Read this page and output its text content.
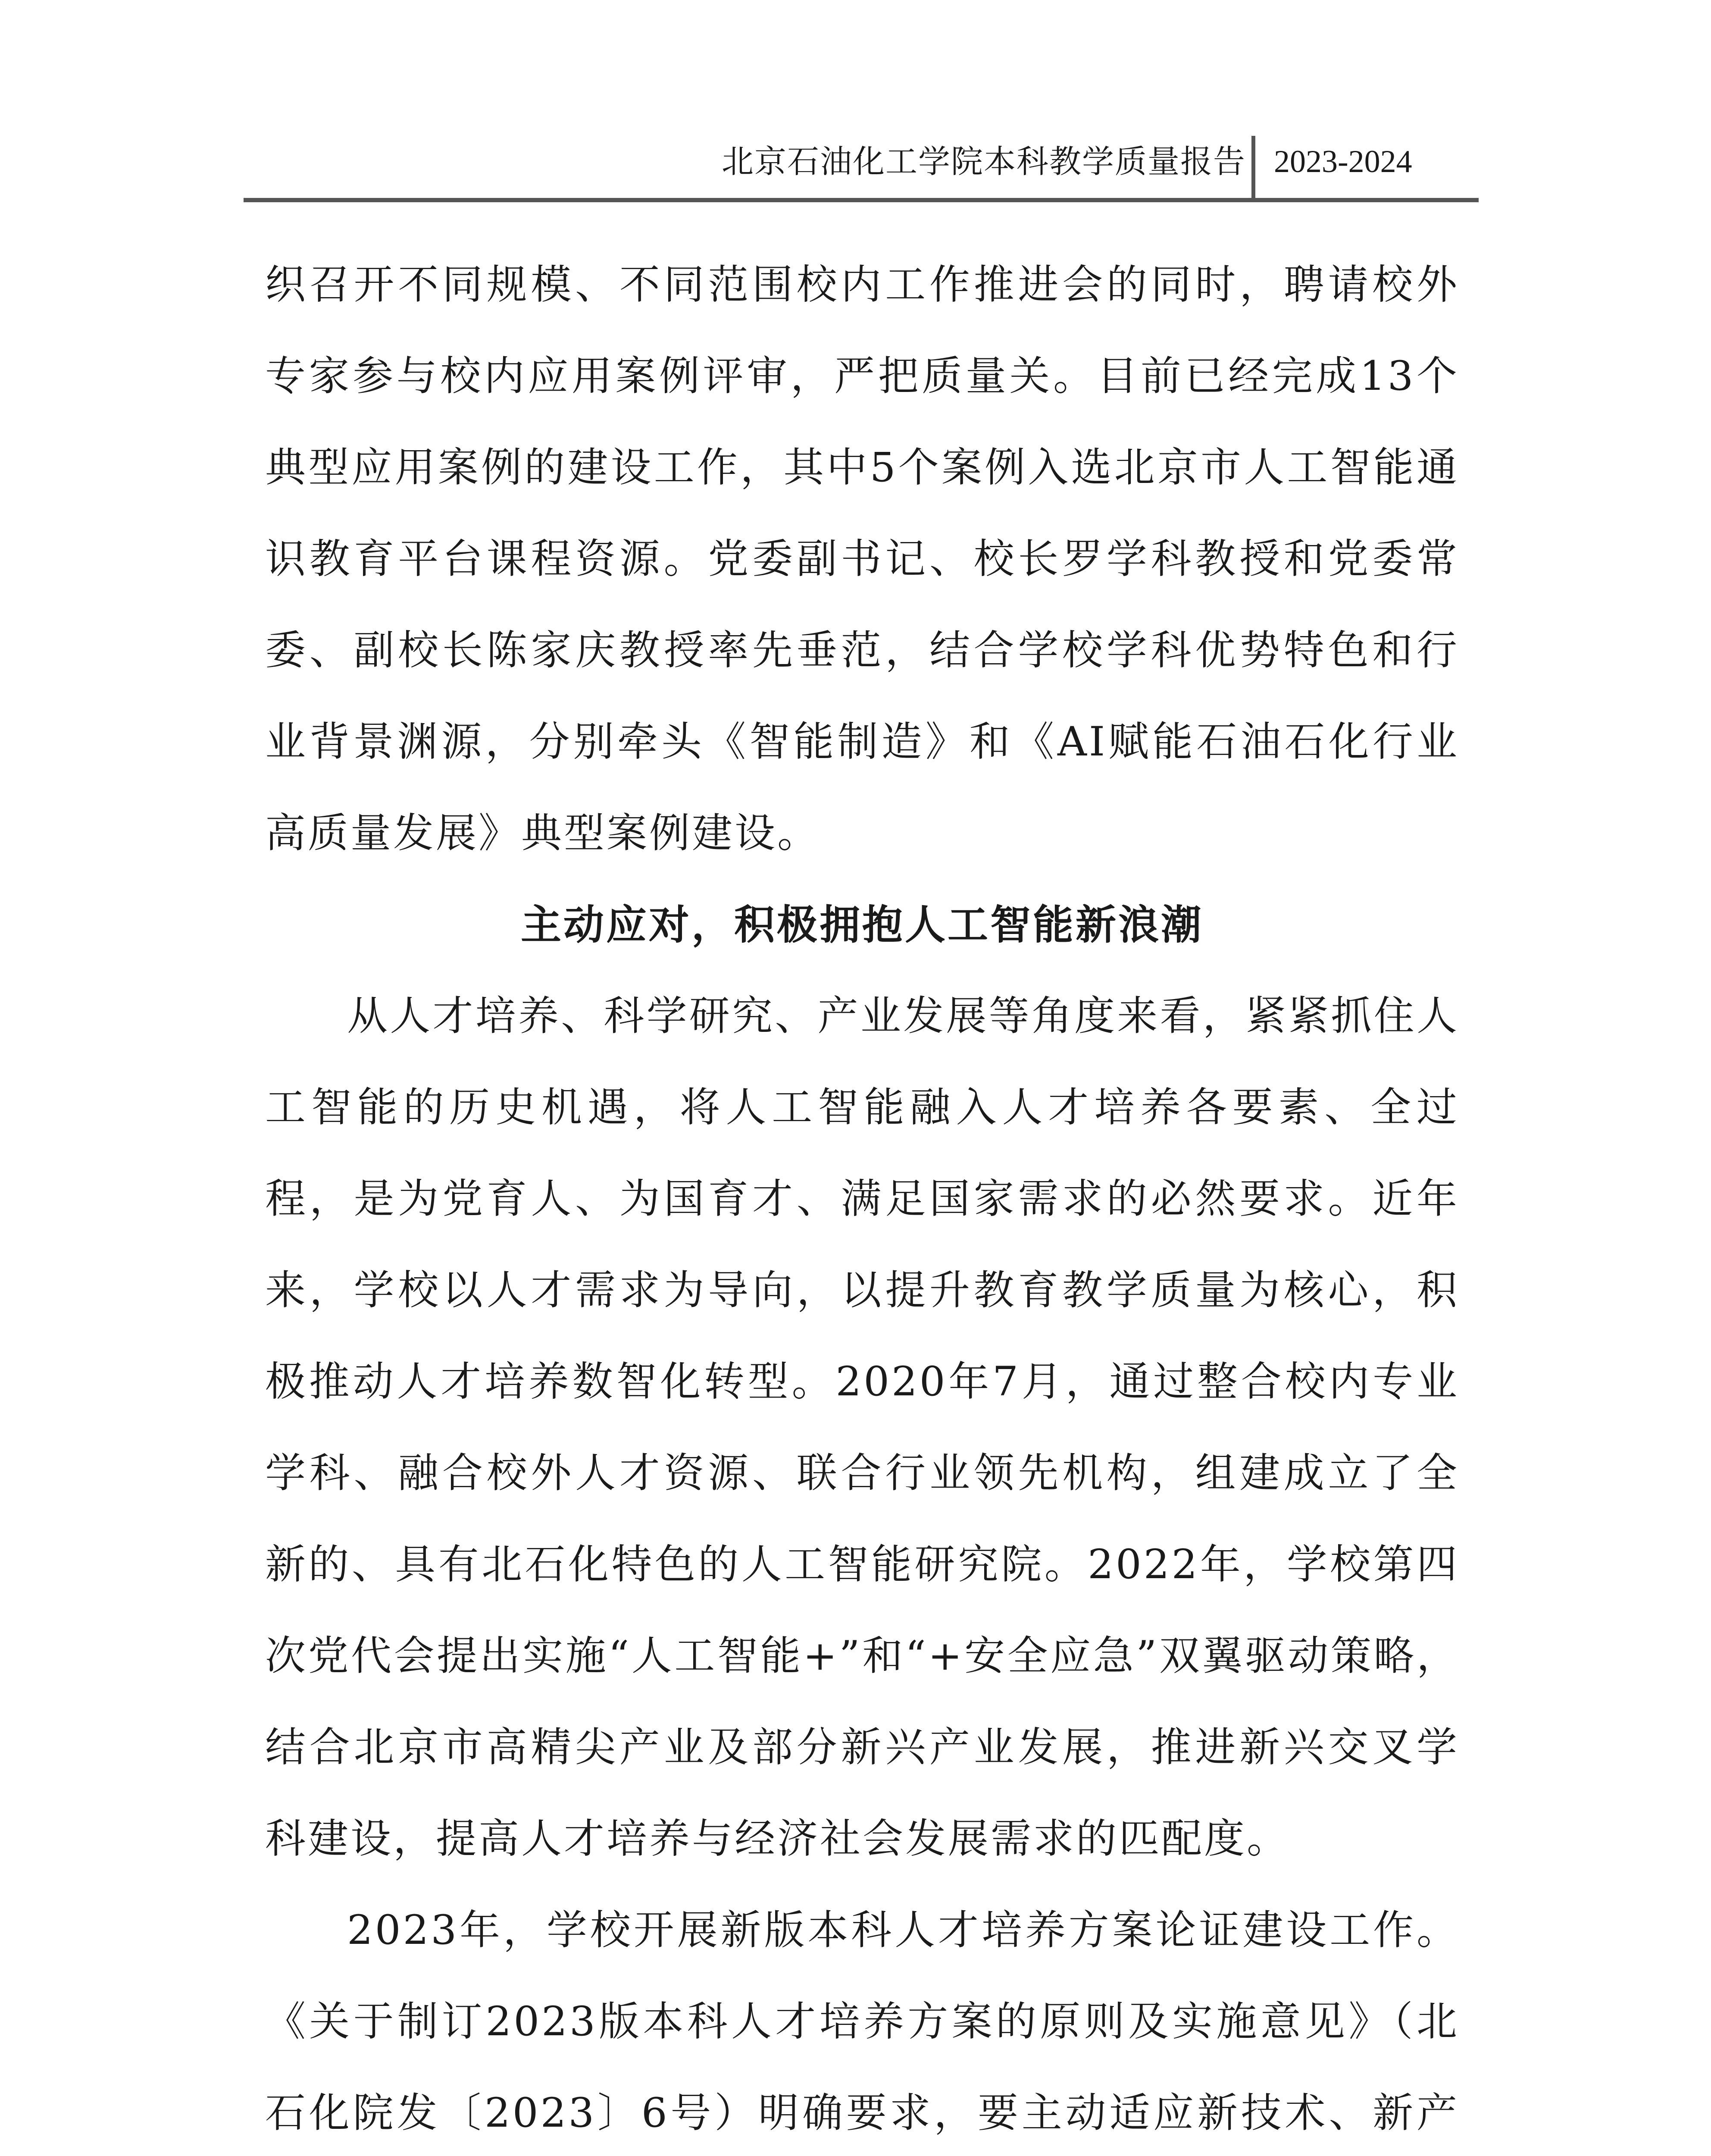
北京石油化工学院本科教学质量报告 2023-2024

织召开不同规模、不同范围校内工作推进会的同时，聘请校外专家参与校内应用案例评审，严把质量关。目前已经完成13个典型应用案例的建设工作，其中5个案例入选北京市人工智能通识教育平台课程资源。党委副书记、校长罗学科教授和党委常委、副校长陈家庆教授率先垂范，结合学校学科优势特色和行业背景渊源，分别牵头《智能制造》和《AI赋能石油石化行业高质量发展》典型案例建设。

主动应对，积极拥抱人工智能新浪潮

从人才培养、科学研究、产业发展等角度来看，紧紧抓住人工智能的历史机遇，将人工智能融入人才培养各要素、全过程，是为党育人、为国育才、满足国家需求的必然要求。近年来，学校以人才需求为导向，以提升教育教学质量为核心，积极推动人才培养数智化转型。2020年7月，通过整合校内专业学科、融合校外人才资源、联合行业领先机构，组建成立了全新的、具有北石化特色的人工智能研究院。2022年，学校第四次党代会提出实施“人工智能+”和“+安全应急”双翼驱动策略，结合北京市高精尖产业及部分新兴产业发展，推进新兴交叉学科建设，提高人才培养与经济社会发展需求的匹配度。

2023年，学校开展新版本科人才培养方案论证建设工作。《关于制订2023版本科人才培养方案的原则及实施意见》（北石化院发〔2023〕6号）明确要求，要主动适应新技术、新产
